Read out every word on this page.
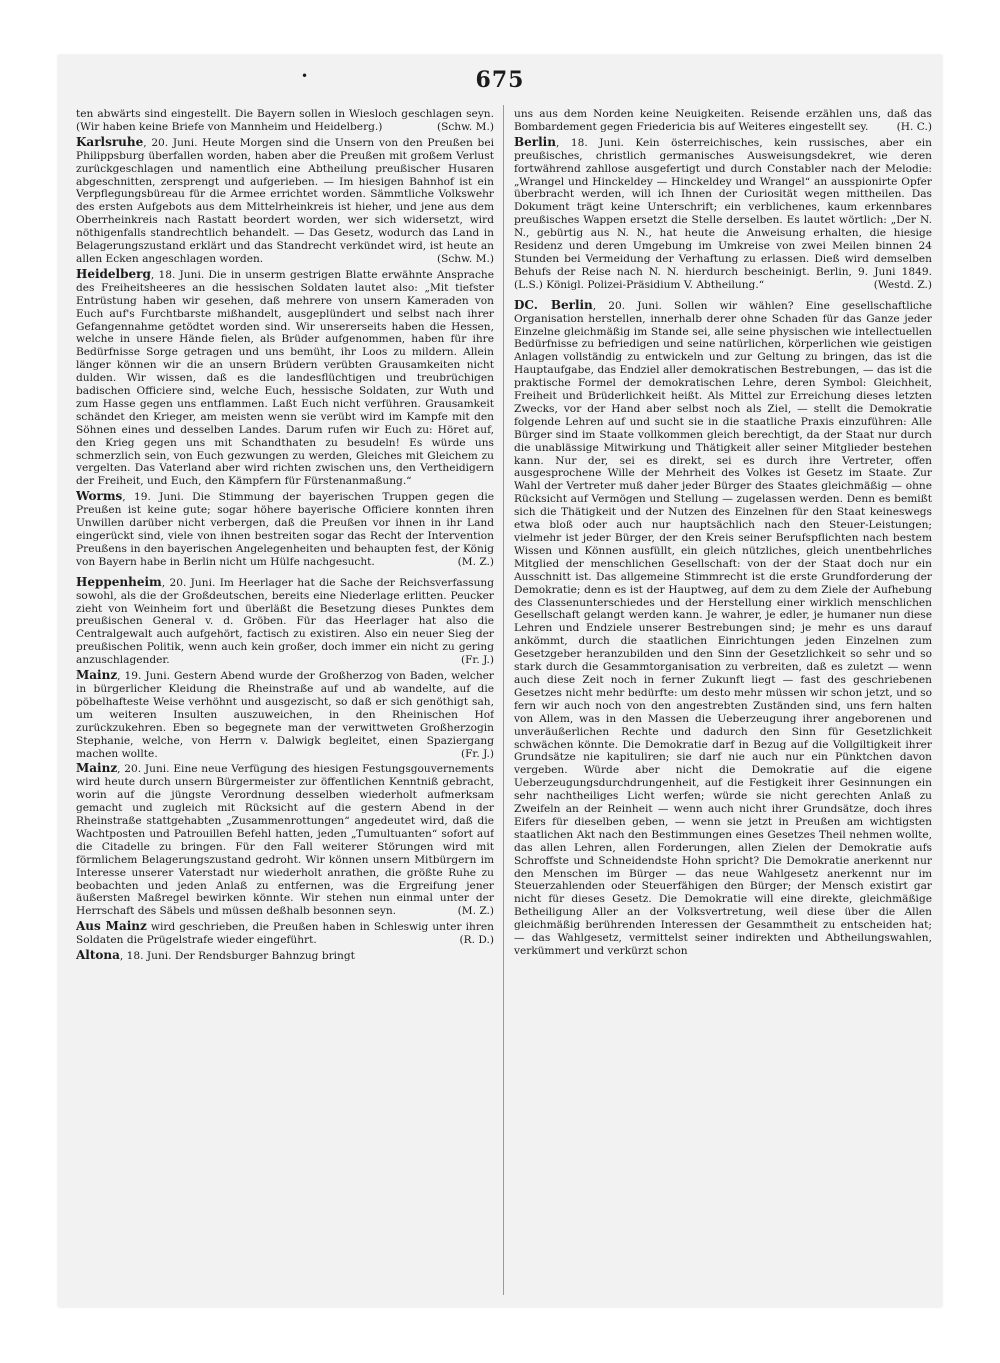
•	675

ten abwärts sind eingestellt. Die Bayern sollen in Wiesloch geschlagen seyn. (Wir haben keine Briefe von Mannheim und Heidelberg.)	(Schw. M.)

Karlsruhe, 20. Juni. Heute Morgen sind die Unsern von den Preußen bei Philippsburg überfallen worden, haben aber die Preußen mit großem Verlust zurückgeschlagen und namentlich eine Abtheilung preußischer Husaren abgeschnitten, zersprengt und aufgerieben. — Im hiesigen Bahnhof ist ein Verpflegungsbüreau für die Armee errichtet worden. Sämmtliche Volkswehr des ersten Aufgebots aus dem Mittelrheinkreis ist hieher, und jene aus dem Oberrheinkreis nach Rastatt beordert worden, wer sich widersetzt, wird nöthigenfalls standrechtlich behandelt. — Das Gesetz, wodurch das Land in Belagerungszustand erklärt und das Standrecht verkündet wird, ist heute an allen Ecken angeschlagen worden.	(Schw. M.)

Heidelberg, 18. Juni. Die in unserm gestrigen Blatte erwähnte Ansprache des Freiheitsheeres an die hessischen Soldaten lautet also: „Mit tiefster Entrüstung haben wir gesehen, daß mehrere von unsern Kameraden von Euch auf's Furchtbarste mißhandelt, ausgeplündert und selbst nach ihrer Gefangennahme getödtet worden sind. Wir unsererseits haben die Hessen, welche in unsere Hände fielen, als Brüder aufgenommen, haben für ihre Bedürfnisse Sorge getragen und uns bemüht, ihr Loos zu mildern. Allein länger können wir die an unsern Brüdern verübten Grausamkeiten nicht dulden. Wir wissen, daß es die landesflüchtigen und treubrüchigen badischen Officiere sind, welche Euch, hessische Soldaten, zur Wuth und zum Hasse gegen uns entflammen. Laßt Euch nicht verführen. Grausamkeit schändet den Krieger, am meisten wenn sie verübt wird im Kampfe mit den Söhnen eines und desselben Landes. Darum rufen wir Euch zu: Höret auf, den Krieg gegen uns mit Schandthaten zu besudeln! Es würde uns schmerzlich sein, von Euch gezwungen zu werden, Gleiches mit Gleichem zu vergelten. Das Vaterland aber wird richten zwischen uns, den Vertheidigern der Freiheit, und Euch, den Kämpfern für Fürstenanmaßung.“

Worms, 19. Juni. Die Stimmung der bayerischen Truppen gegen die Preußen ist keine gute; sogar höhere bayerische Officiere konnten ihren Unwillen darüber nicht verbergen, daß die Preußen vor ihnen in ihr Land eingerückt sind, viele von ihnen bestreiten sogar das Recht der Intervention Preußens in den bayerischen Angelegenheiten und behaupten fest, der König von Bayern habe in Berlin nicht um Hülfe nachgesucht.	(M. Z.)

Heppenheim, 20. Juni. Im Heerlager hat die Sache der Reichsverfassung sowohl, als die der Großdeutschen, bereits eine Niederlage erlitten. Peucker zieht von Weinheim fort und überläßt die Besetzung dieses Punktes dem preußischen General v. d. Gröben. Für das Heerlager hat also die Centralgewalt auch aufgehört, factisch zu existiren. Also ein neuer Sieg der preußischen Politik, wenn auch kein großer, doch immer ein nicht zu gering anzuschlagender.	(Fr. J.)

Mainz, 19. Juni. Gestern Abend wurde der Großherzog von Baden, welcher in bürgerlicher Kleidung die Rheinstraße auf und ab wandelte, auf die pöbelhafteste Weise verhöhnt und ausgezischt, so daß er sich genöthigt sah, um weiteren Insulten auszuweichen, in den Rheinischen Hof zurückzukehren. Eben so begegnete man der verwittweten Großherzogin Stephanie, welche, von Herrn v. Dalwigk begleitet, einen Spaziergang machen wollte.	(Fr. J.)

Mainz, 20. Juni. Eine neue Verfügung des hiesigen Festungsgouvernements wird heute durch unsern Bürgermeister zur öffentlichen Kenntniß gebracht, worin auf die jüngste Verordnung desselben wiederholt aufmerksam gemacht und zugleich mit Rücksicht auf die gestern Abend in der Rheinstraße stattgehabten „Zusammenrottungen“ angedeutet wird, daß die Wachtposten und Patrouillen Befehl hatten, jeden „Tumultuanten“ sofort auf die Citadelle zu bringen. Für den Fall weiterer Störungen wird mit förmlichem Belagerungszustand gedroht. Wir können unsern Mitbürgern im Interesse unserer Vaterstadt nur wiederholt anrathen, die größte Ruhe zu beobachten und jeden Anlaß zu entfernen, was die Ergreifung jener äußersten Maßregel bewirken könnte. Wir stehen nun einmal unter der Herrschaft des Säbels und müssen deßhalb besonnen seyn.	(M. Z.)

Aus Mainz wird geschrieben, die Preußen haben in Schleswig unter ihren Soldaten die Prügelstrafe wieder eingeführt.	(R. D.)

Altona, 18. Juni. Der Rendsburger Bahnzug bringt

uns aus dem Norden keine Neuigkeiten. Reisende erzählen uns, daß das Bombardement gegen Friedericia bis auf Weiteres eingestellt sey.	(H. C.)

Berlin, 18. Juni. Kein österreichisches, kein russisches, aber ein preußisches, christlich germanisches Ausweisungsdekret, wie deren fortwährend zahllose ausgefertigt und durch Constabler nach der Melodie: „Wrangel und Hinckeldey — Hinckeldey und Wrangel“ an ausspionirte Opfer überbracht werden, will ich Ihnen der Curiosität wegen mittheilen. Das Dokument trägt keine Unterschrift; ein verblichenes, kaum erkennbares preußisches Wappen ersetzt die Stelle derselben. Es lautet wörtlich: „Der N. N., gebürtig aus N. N., hat heute die Anweisung erhalten, die hiesige Residenz und deren Umgebung im Umkreise von zwei Meilen binnen 24 Stunden bei Vermeidung der Verhaftung zu erlassen. Dieß wird demselben Behufs der Reise nach N. N. hierdurch bescheinigt. Berlin, 9. Juni 1849. (L.S.) Königl. Polizei-Präsidium V. Abtheilung.“	(Westd. Z.)

DC. Berlin, 20. Juni. Sollen wir wählen? Eine gesellschaftliche Organisation herstellen, innerhalb derer ohne Schaden für das Ganze jeder Einzelne gleichmäßig im Stande sei, alle seine physischen wie intellectuellen Bedürfnisse zu befriedigen und seine natürlichen, körperlichen wie geistigen Anlagen vollständig zu entwickeln und zur Geltung zu bringen, das ist die Hauptaufgabe, das Endziel aller demokratischen Bestrebungen, — das ist die praktische Formel der demokratischen Lehre, deren Symbol: Gleichheit, Freiheit und Brüderlichkeit heißt. Als Mittel zur Erreichung dieses letzten Zwecks, vor der Hand aber selbst noch als Ziel, — stellt die Demokratie folgende Lehren auf und sucht sie in die staatliche Praxis einzuführen: Alle Bürger sind im Staate vollkommen gleich berechtigt, da der Staat nur durch die unablässige Mitwirkung und Thätigkeit aller seiner Mitglieder bestehen kann. Nur der, sei es direkt, sei es durch ihre Vertreter, offen ausgesprochene Wille der Mehrheit des Volkes ist Gesetz im Staate. Zur Wahl der Vertreter muß daher jeder Bürger des Staates gleichmäßig — ohne Rücksicht auf Vermögen und Stellung — zugelassen werden. Denn es bemißt sich die Thätigkeit und der Nutzen des Einzelnen für den Staat keineswegs etwa bloß oder auch nur hauptsächlich nach den Steuer-Leistungen; vielmehr ist jeder Bürger, der den Kreis seiner Berufspflichten nach bestem Wissen und Können ausfüllt, ein gleich nützliches, gleich unentbehrliches Mitglied der menschlichen Gesellschaft: von der der Staat doch nur ein Ausschnitt ist. Das allgemeine Stimmrecht ist die erste Grundforderung der Demokratie; denn es ist der Hauptweg, auf dem zu dem Ziele der Aufhebung des Classenunterschiedes und der Herstellung einer wirklich menschlichen Gesellschaft gelangt werden kann. Je wahrer, je edler, je humaner nun diese Lehren und Endziele unserer Bestrebungen sind; je mehr es uns darauf ankömmt, durch die staatlichen Einrichtungen jeden Einzelnen zum Gesetzgeber heranzubilden und den Sinn der Gesetzlichkeit so sehr und so stark durch die Gesammtorganisation zu verbreiten, daß es zuletzt — wenn auch diese Zeit noch in ferner Zukunft liegt — fast des geschriebenen Gesetzes nicht mehr bedürfte: um desto mehr müssen wir schon jetzt, und so fern wir auch noch von den angestrebten Zuständen sind, uns fern halten von Allem, was in den Massen die Ueberzeugung ihrer angeborenen und unveräußerlichen Rechte und dadurch den Sinn für Gesetzlichkeit schwächen könnte. Die Demokratie darf in Bezug auf die Vollgiltigkeit ihrer Grundsätze nie kapituliren; sie darf nie auch nur ein Pünktchen davon vergeben. Würde aber nicht die Demokratie auf die eigene Ueberzeugungsdurchdrungenheit, auf die Festigkeit ihrer Gesinnungen ein sehr nachtheiliges Licht werfen; würde sie nicht gerechten Anlaß zu Zweifeln an der Reinheit — wenn auch nicht ihrer Grundsätze, doch ihres Eifers für dieselben geben, — wenn sie jetzt in Preußen am wichtigsten staatlichen Akt nach den Bestimmungen eines Gesetzes Theil nehmen wollte, das allen Lehren, allen Forderungen, allen Zielen der Demokratie aufs Schroffste und Schneidendste Hohn spricht? Die Demokratie anerkennt nur den Menschen im Bürger — das neue Wahlgesetz anerkennt nur im Steuerzahlenden oder Steuerfähigen den Bürger; der Mensch existirt gar nicht für dieses Gesetz. Die Demokratie will eine direkte, gleichmäßige Betheiligung Aller an der Volksvertretung, weil diese über die Allen gleichmäßig berührenden Interessen der Gesammtheit zu entscheiden hat; — das Wahlgesetz, vermittelst seiner indirekten und Abtheilungswahlen, verkümmert und verkürzt schon
